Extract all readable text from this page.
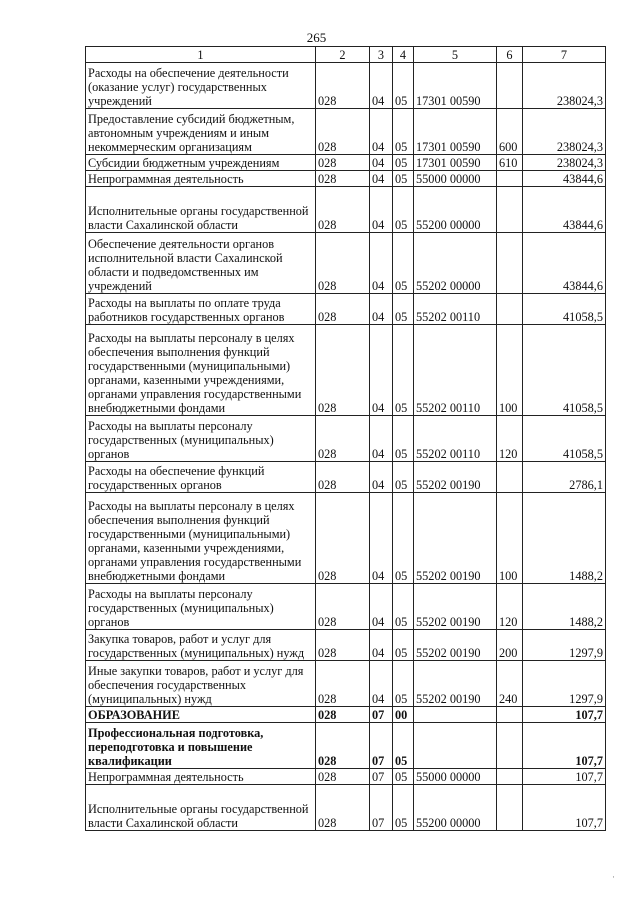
265
1	2	3	4	5	6	7
Расходы на обеспечение деятельности (оказание услуг) государственных учреждений	028	04	05	17301 00590		238024,3
Предоставление субсидий бюджетным, автономным учреждениям и иным некоммерческим организациям	028	04	05	17301 00590	600	238024,3
Субсидии бюджетным учреждениям	028	04	05	17301 00590	610	238024,3
Непрограммная деятельность	028	04	05	55000 00000		43844,6
Исполнительные органы государственной власти Сахалинской области	028	04	05	55200 00000		43844,6
Обеспечение деятельности органов исполнительной власти Сахалинской области и подведомственных им учреждений	028	04	05	55202 00000		43844,6
Расходы на выплаты по оплате труда работников государственных органов	028	04	05	55202 00110		41058,5
Расходы на выплаты персоналу в целях обеспечения выполнения функций государственными (муниципальными) органами, казенными учреждениями, органами управления государственными внебюджетными фондами	028	04	05	55202 00110	100	41058,5
Расходы на выплаты персоналу государственных (муниципальных) органов	028	04	05	55202 00110	120	41058,5
Расходы на обеспечение функций государственных органов	028	04	05	55202 00190		2786,1
Расходы на выплаты персоналу в целях обеспечения выполнения функций государственными (муниципальными) органами, казенными учреждениями, органами управления государственными внебюджетными фондами	028	04	05	55202 00190	100	1488,2
Расходы на выплаты персоналу государственных (муниципальных) органов	028	04	05	55202 00190	120	1488,2
Закупка товаров, работ и услуг для государственных (муниципальных) нужд	028	04	05	55202 00190	200	1297,9
Иные закупки товаров, работ и услуг для обеспечения государственных (муниципальных) нужд	028	04	05	55202 00190	240	1297,9
ОБРАЗОВАНИЕ	028	07	00			107,7
Профессиональная подготовка, переподготовка и повышение квалификации	028	07	05			107,7
Непрограммная деятельность	028	07	05	55000 00000		107,7
Исполнительные органы государственной власти Сахалинской области	028	07	05	55200 00000		107,7
·
